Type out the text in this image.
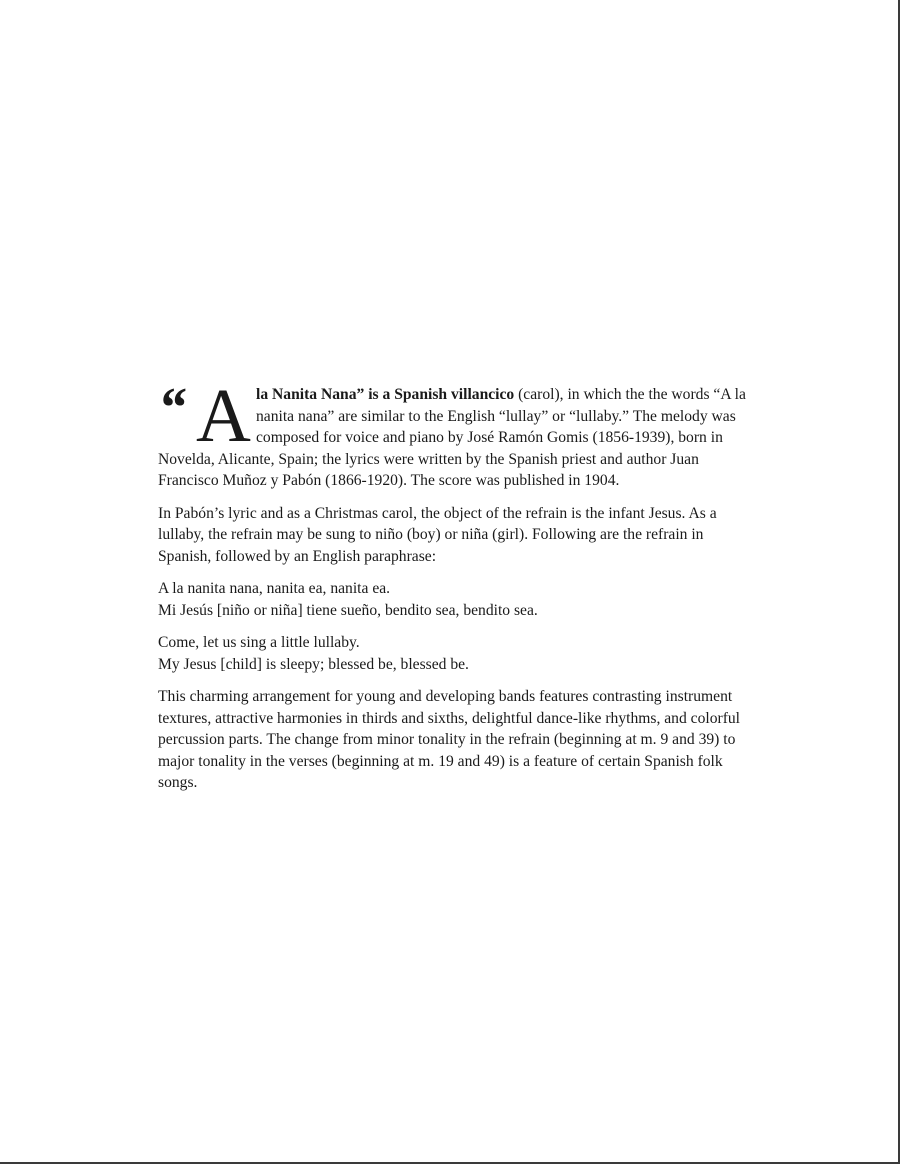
“ A la Nanita Nana” is a Spanish villancico (carol), in which the the words “A la nanita nana” are similar to the English “lullay” or “lullaby.” The melody was composed for voice and piano by José Ramón Gomis (1856-1939), born in Novelda, Alicante, Spain; the lyrics were written by the Spanish priest and author Juan Francisco Muñoz y Pabón (1866-1920). The score was published in 1904.

In Pabón’s lyric and as a Christmas carol, the object of the refrain is the infant Jesus. As a lullaby, the refrain may be sung to niño (boy) or niña (girl). Following are the refrain in Spanish, followed by an English paraphrase:

A la nanita nana, nanita ea, nanita ea.
Mi Jesús [niño or niña] tiene sueño, bendito sea, bendito sea.

Come, let us sing a little lullaby.
My Jesus [child] is sleepy; blessed be, blessed be.

This charming arrangement for young and developing bands features contrasting instrument textures, attractive harmonies in thirds and sixths, delightful dance-like rhythms, and colorful percussion parts. The change from minor tonality in the refrain (beginning at m. 9 and 39) to major tonality in the verses (beginning at m. 19 and 49) is a feature of certain Spanish folk songs.
